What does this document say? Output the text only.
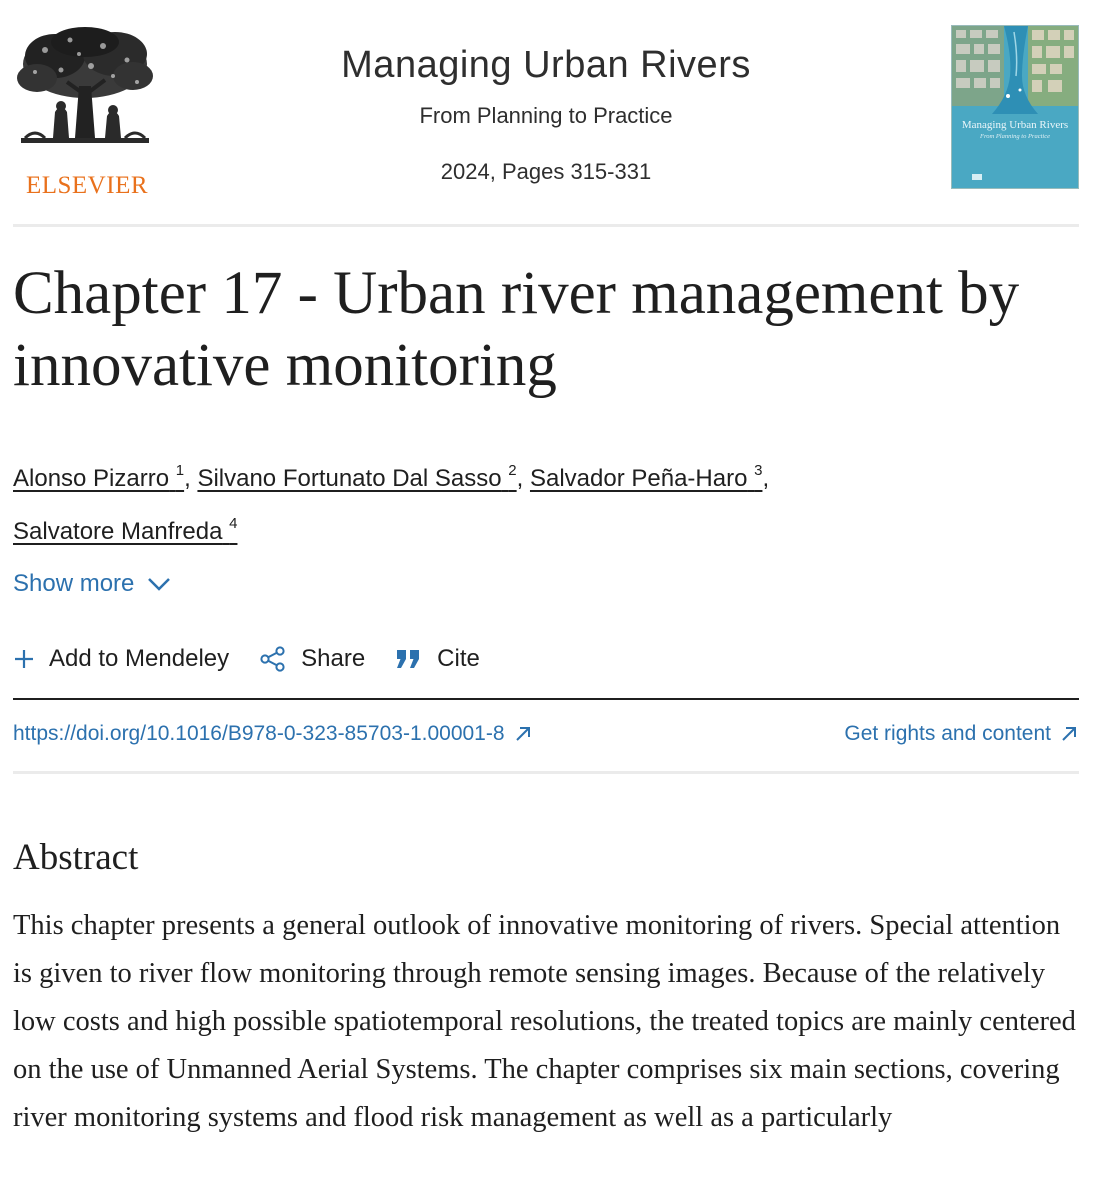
ELSEVIER
Managing Urban Rivers
From Planning to Practice
2024, Pages 315-331
Managing Urban Rivers
From Planning to Practice
Chapter 17 - Urban river management by innovative monitoring
Alonso Pizarro $^1$, Silvano Fortunato Dal Sasso $^2$, Salvador Peña-Haro $^3$,
Salvatore Manfreda $^4$
Show more
Add to Mendeley	Share	Cite
https://doi.org/10.1016/B978-0-323-85703-1.00001-8	Get rights and content
Abstract

This chapter presents a general outlook of innovative monitoring of rivers. Special attention is given to river flow monitoring through remote sensing images. Because of the relatively low costs and high possible spatiotemporal resolutions, the treated topics are mainly centered on the use of Unmanned Aerial Systems. The chapter comprises six main sections, covering river monitoring systems and flood risk management as well as a particularly
